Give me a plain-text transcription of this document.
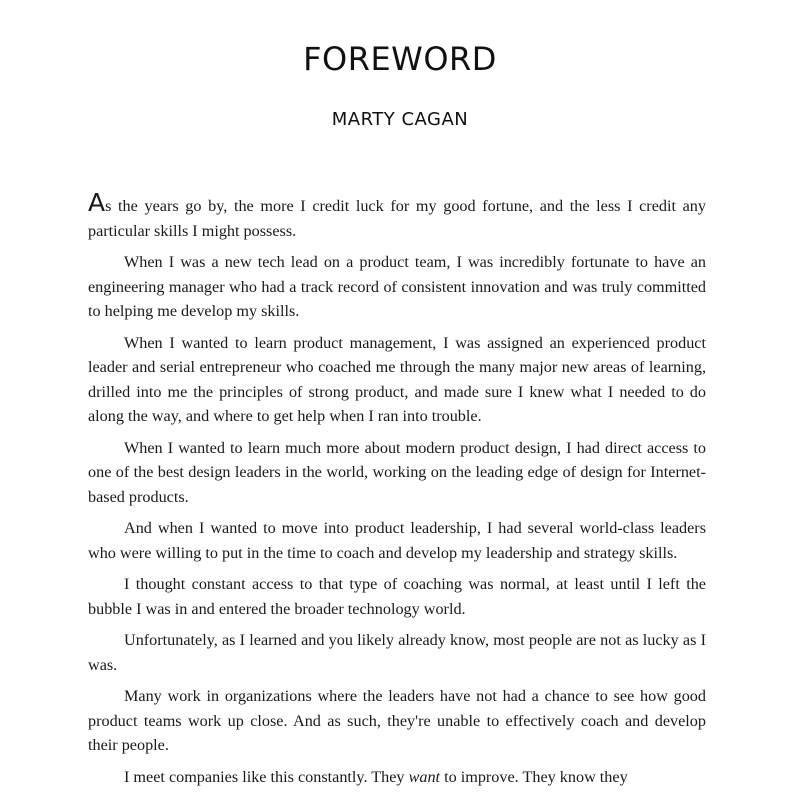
FOREWORD
MARTY CAGAN

As the years go by, the more I credit luck for my good fortune, and the less I credit any particular skills I might possess.

When I was a new tech lead on a product team, I was incredibly fortunate to have an engineering manager who had a track record of consistent innovation and was truly committed to helping me develop my skills.

When I wanted to learn product management, I was assigned an experienced product leader and serial entrepreneur who coached me through the many major new areas of learning, drilled into me the principles of strong product, and made sure I knew what I needed to do along the way, and where to get help when I ran into trouble.

When I wanted to learn much more about modern product design, I had direct access to one of the best design leaders in the world, working on the leading edge of design for Internet-based products.

And when I wanted to move into product leadership, I had several world-class leaders who were willing to put in the time to coach and develop my leadership and strategy skills.

I thought constant access to that type of coaching was normal, at least until I left the bubble I was in and entered the broader technology world.

Unfortunately, as I learned and you likely already know, most people are not as lucky as I was.

Many work in organizations where the leaders have not had a chance to see how good product teams work up close. And as such, they're unable to effectively coach and develop their people.

I meet companies like this constantly. They want to improve. They know they
